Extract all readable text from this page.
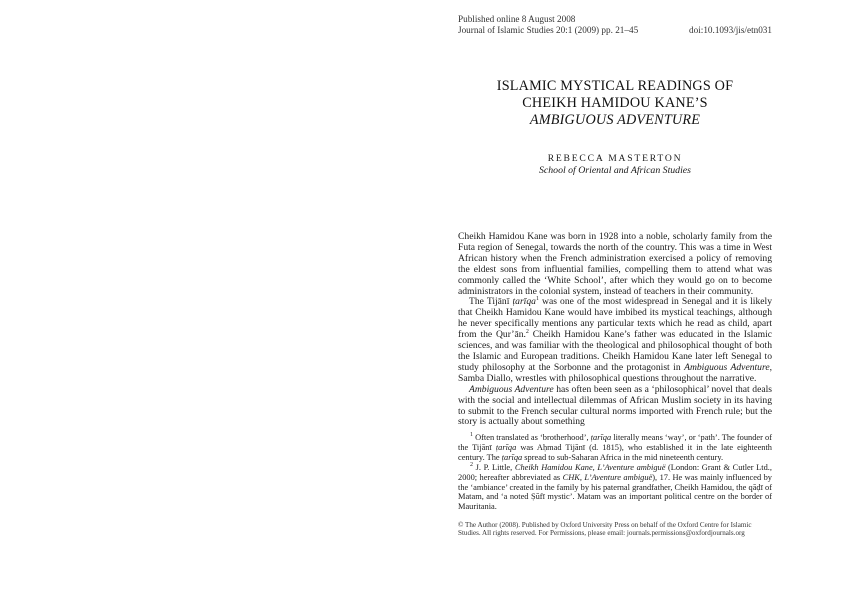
Published online 8 August 2008
Journal of Islamic Studies 20:1 (2009) pp. 21–45	doi:10.1093/jis/etn031
ISLAMIC MYSTICAL READINGS OF
CHEIKH HAMIDOU KANE’S
AMBIGUOUS ADVENTURE
REBECCA MASTERTON
School of Oriental and African Studies

Cheikh Hamidou Kane was born in 1928 into a noble, scholarly family from the Futa region of Senegal, towards the north of the country. This was a time in West African history when the French administration exercised a policy of removing the eldest sons from influential families, compelling them to attend what was commonly called the ‘White School’, after which they would go on to become administrators in the colonial system, instead of teachers in their community.

The Tijānī ṭarīqa$^1$ was one of the most widespread in Senegal and it is likely that Cheikh Hamidou Kane would have imbibed its mystical teachings, although he never specifically mentions any particular texts which he read as child, apart from the Qur’ān.$^2$ Cheikh Hamidou Kane’s father was educated in the Islamic sciences, and was familiar with the theological and philosophical thought of both the Islamic and European traditions. Cheikh Hamidou Kane later left Senegal to study philosophy at the Sorbonne and the protagonist in Ambiguous Adventure, Samba Diallo, wrestles with philosophical questions throughout the narrative.

Ambiguous Adventure has often been seen as a ‘philosophical’ novel that deals with the social and intellectual dilemmas of African Muslim society in its having to submit to the French secular cultural norms imported with French rule; but the story is actually about something

$^1$ Often translated as ‘brotherhood’, ṭarīqa literally means ‘way’, or ‘path’. The founder of the Tijānī ṭarīqa was Aḥmad Tijānī (d. 1815), who established it in the late eighteenth century. The ṭarīqa spread to sub-Saharan Africa in the mid nineteenth century.

$^2$ J. P. Little, Cheikh Hamidou Kane, L’Aventure ambiguë (London: Grant & Cutler Ltd., 2000; hereafter abbreviated as CHK, L’Aventure ambiguë), 17. He was mainly influenced by the ‘ambiance’ created in the family by his paternal grandfather, Cheikh Hamidou, the qāḍī of Matam, and ‘a noted Ṣūfī mystic’. Matam was an important political centre on the border of Mauritania.

© The Author (2008). Published by Oxford University Press on behalf of the Oxford Centre for Islamic
Studies. All rights reserved. For Permissions, please email: journals.permissions@oxfordjournals.org
